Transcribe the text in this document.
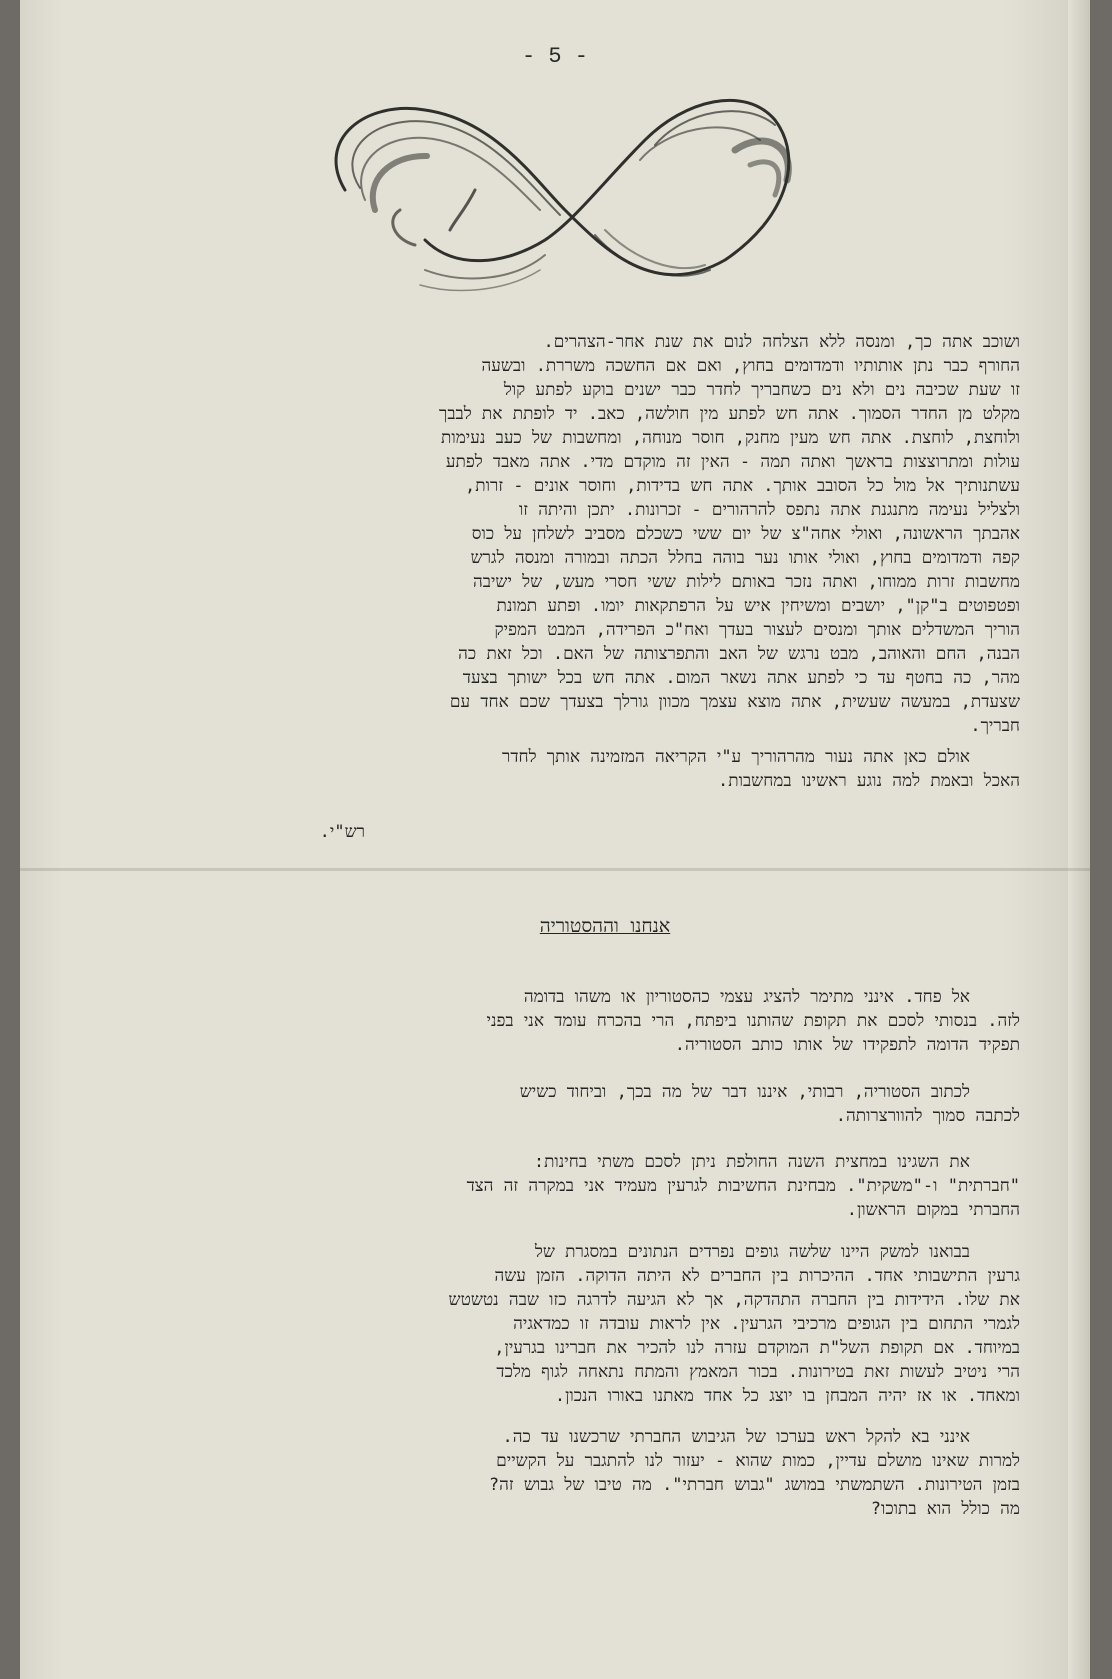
- 5 -
ושוכב אתה כך, ומנסה ללא הצלחה לנום את שנת אחר-הצהרים.
החורף כבר נתן אותותיו ודמדומים בחוץ, ואם אם החשכה משררת. ובשעה
זו שעת שכיבה נים ולא נים כשחבריך לחדר כבר ישנים בוקע לפתע קול
מקלט מן החדר הסמוך. אתה חש לפתע מין חולשה, כאב. יד לופתת את לבבך
ולוחצת, לוחצת. אתה חש מעין מחנק, חוסר מנוחה, ומחשבות של כעב נעימות
עולות ומתרוצצות בראשך ואתה תמה - האין זה מוקדם מדי. אתה מאבד לפתע
עשתנותיך אל מול כל הסובב אותך. אתה חש בדידות, וחוסר אונים - זרות,
ולצליל נעימה מתנגנת אתה נתפס להרהורים - זכרונות. יתכן והיתה זו
אהבתך הראשונה, ואולי אחה"צ של יום ששי כשכלם מסביב לשלחן על כוס
קפה ודמדומים בחוץ, ואולי אותו נער בוהה בחלל הכתה ובמורה ומנסה לגרש
מחשבות זרות ממוחו, ואתה נזכר באותם לילות ששי חסרי מעש, של ישיבה
ופטפוטים ב"קן", יושבים ומשיחין איש על הרפתקאות יומו. ופתע תמונת
הוריך המשדלים אותך ומנסים לעצור בעדך ואח"כ הפרידה, המבט המפיק
הבנה, החם והאוהב, מבט נרגש של האב והתפרצותה של האם. וכל זאת כה
מהר, כה בחטף עד כי לפתע אתה נשאר המום. אתה חש בכל ישותך בצעד
שצעדת, במעשה שעשית, אתה מוצא עצמך מכוון גורלך בצעדך שכם אחד עם
חבריך.
אולם כאן אתה נעור מהרהוריך ע"י הקריאה המזמינה אותך לחדר
האכל ובאמת למה נוגע ראשינו במחשבות.
רש"י.
אנחנו וההסטוריה
אל פחד. אינני מתימר להציג עצמי כהסטוריון או משהו בדומה
לזה. בנסותי לסכם את תקופת שהותנו ביפתח, הרי בהכרח עומד אני בפני
תפקיד הדומה לתפקידו של אותו כותב הסטוריה.
לכתוב הסטוריה, רבותי, איננו דבר של מה בכך, וביחוד כשיש
לכתבה סמוך להוורצרותה.
את השגינו במחצית השנה החולפת ניתן לסכם משתי בחינות:
"חברתית" ו-"משקית". מבחינת החשיבות לגרעין מעמיד אני במקרה זה הצד
החברתי במקום הראשון.
בבואנו למשק היינו שלשה גופים נפרדים הנתונים במסגרת של
גרעין התישבותי אחד. ההיכרות בין החברים לא היתה הדוקה. הזמן עשה
את שלו. הידידות בין החברה התהדקה, אך לא הגיעה לדרגה כזו שבה נטשטש
לגמרי התחום בין הגופים מרכיבי הגרעין. אין לראות עובדה זו כמדאגיה
במיוחד. אם תקופת השל"ת המוקדם עזרה לנו להכיר את חברינו בגרעין,
הרי ניטיב לעשות זאת בטירונות. בכור המאמץ והמתח נתאחה לגוף מלכד
ומאחד. או אז יהיה המבחן בו יוצג כל אחד מאתנו באורו הנכון.
אינני בא להקל ראש בערכו של הגיבוש החברתי שרכשנו עד כה.
למרות שאינו מושלם עדיין, כמות שהוא - יעזור לנו להתגבר על הקשיים
בזמן הטירונות. השתמשתי במושג "גבוש חברתי". מה טיבו של גבוש זה?
מה כולל הוא בתוכו?
